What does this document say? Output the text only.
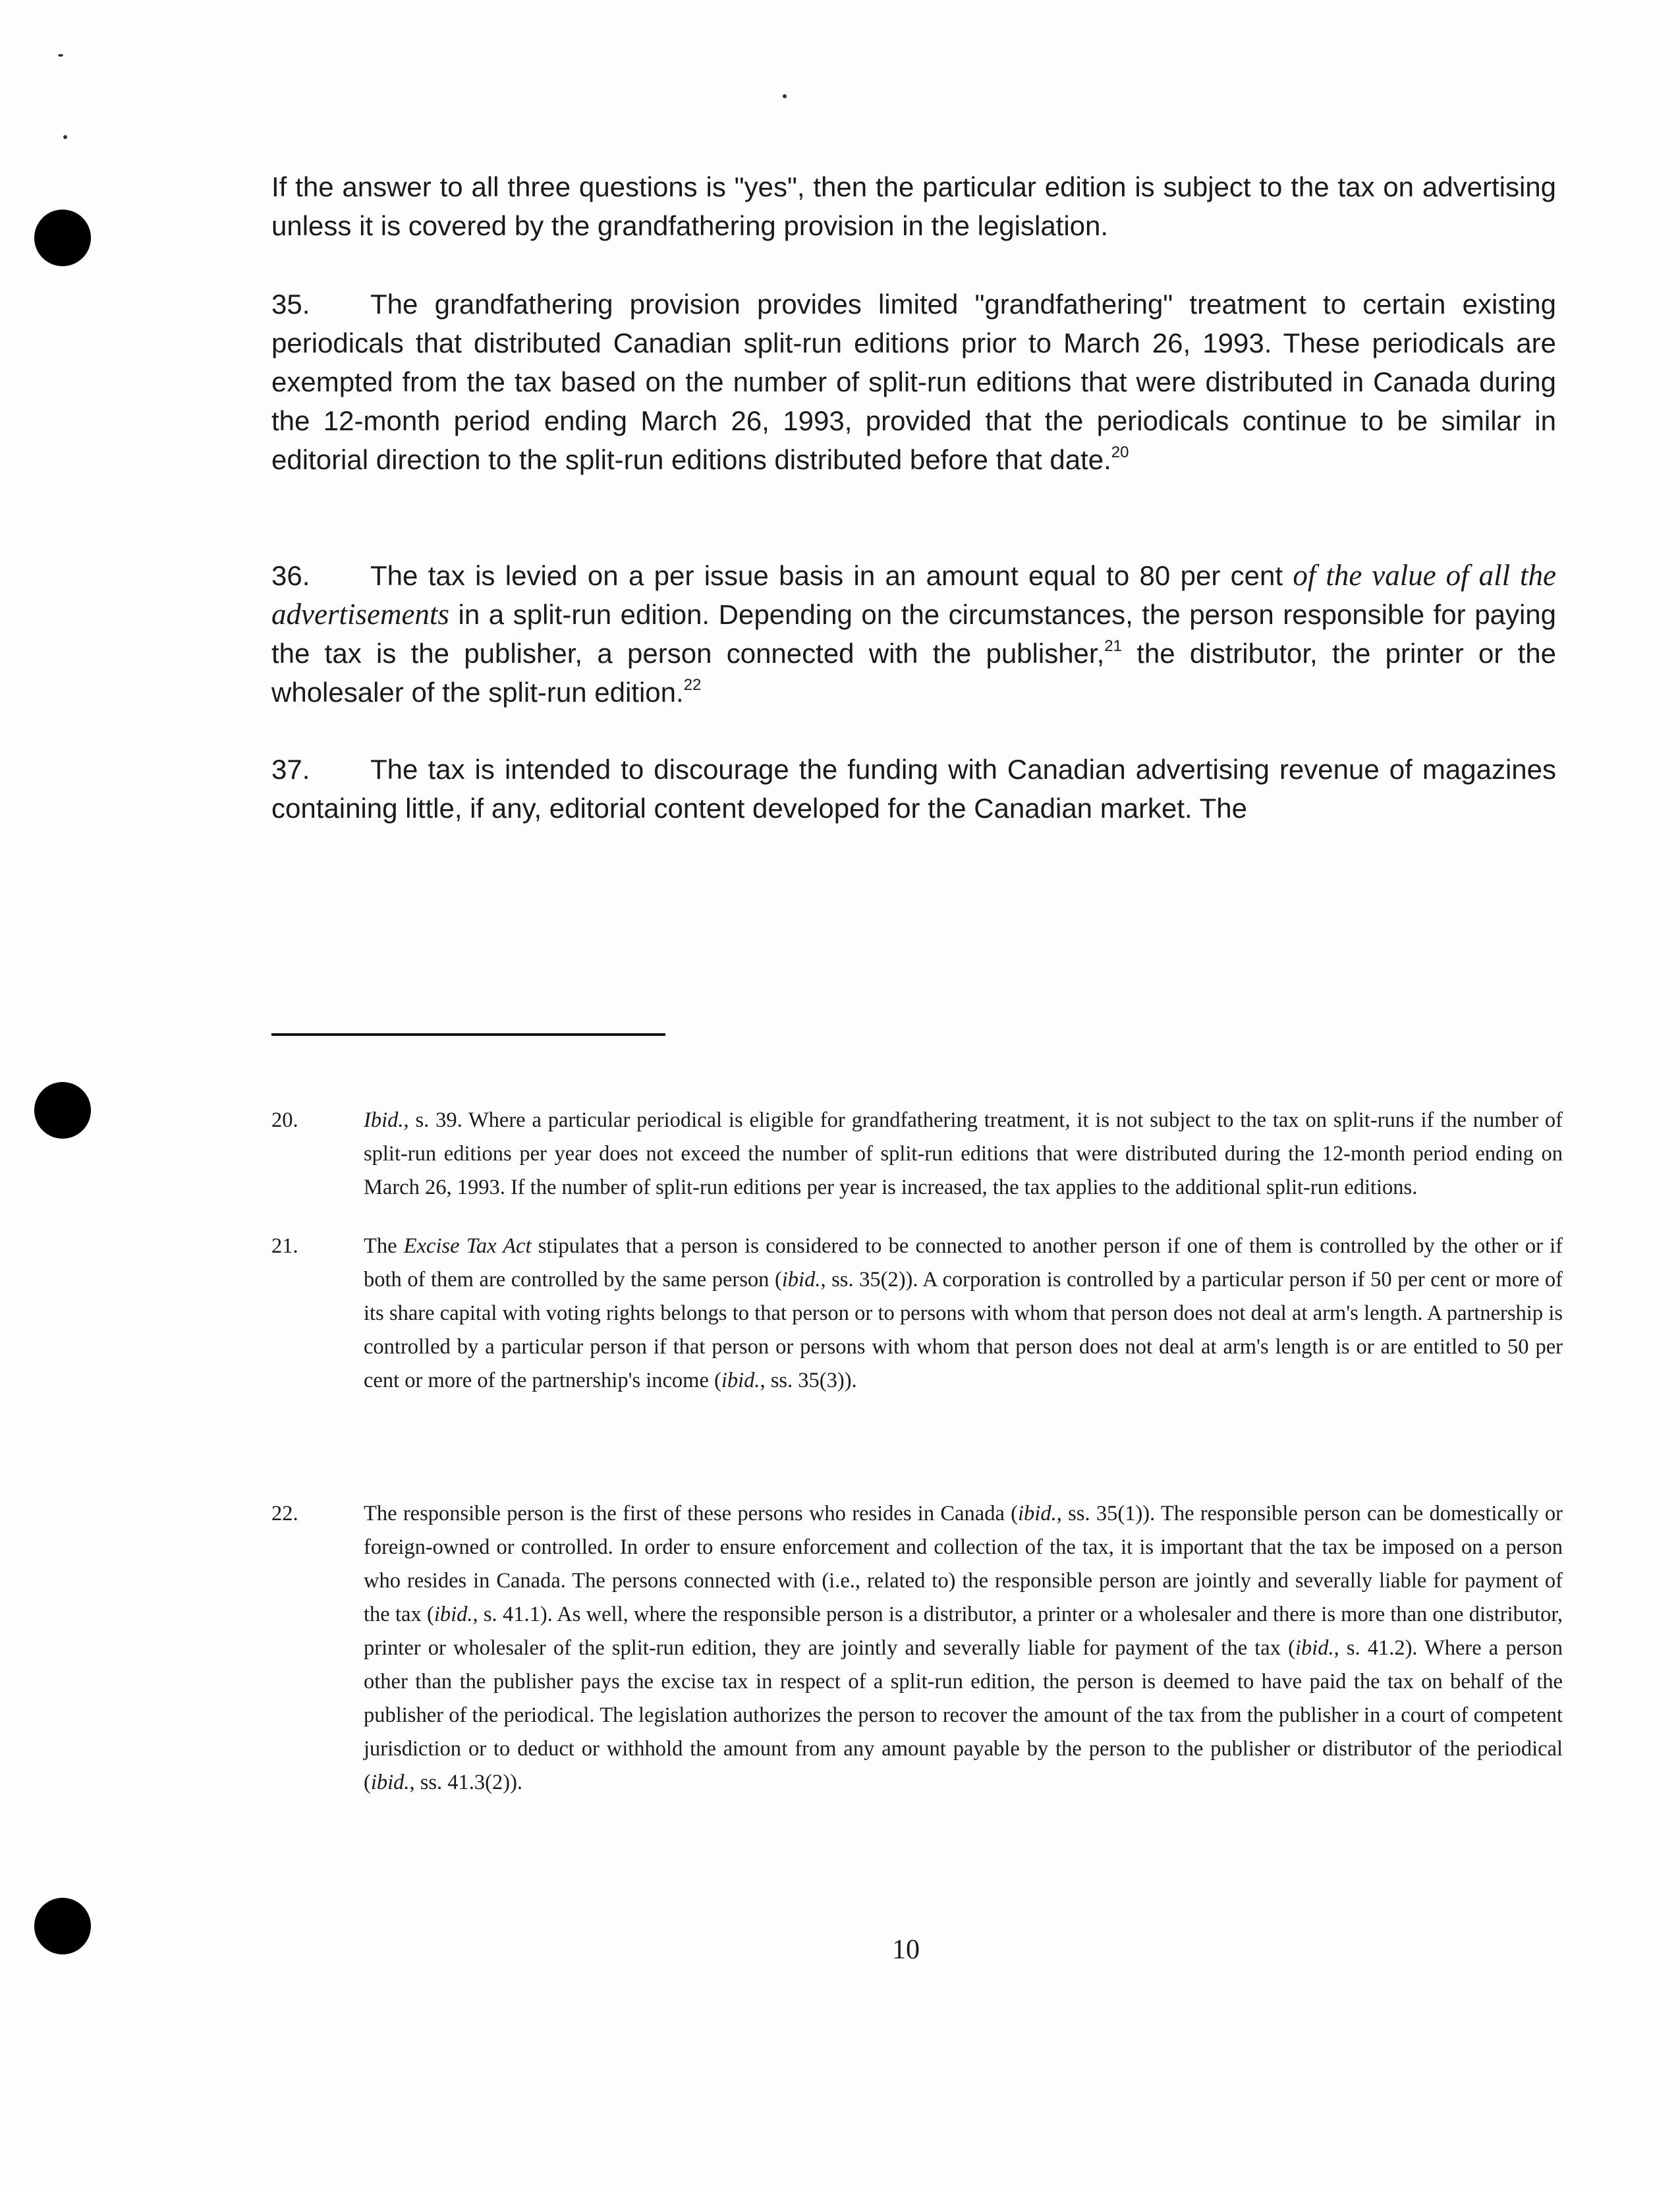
If the answer to all three questions is "yes", then the particular edition is subject to the tax on advertising unless it is covered by the grandfathering provision in the legislation.

35. The grandfathering provision provides limited "grandfathering" treatment to certain existing periodicals that distributed Canadian split-run editions prior to March 26, 1993. These periodicals are exempted from the tax based on the number of split-run editions that were distributed in Canada during the 12-month period ending March 26, 1993, provided that the periodicals continue to be similar in editorial direction to the split-run editions distributed before that date.$^{20}$

36. The tax is levied on a per issue basis in an amount equal to 80 per cent of the value of all the advertisements in a split-run edition. Depending on the circumstances, the person responsible for paying the tax is the publisher, a person connected with the publisher,$^{21}$ the distributor, the printer or the wholesaler of the split-run edition.$^{22}$

37. The tax is intended to discourage the funding with Canadian advertising revenue of magazines containing little, if any, editorial content developed for the Canadian market. The

20.	Ibid., s. 39. Where a particular periodical is eligible for grandfathering treatment, it is not subject to the tax on split-runs if the number of split-run editions per year does not exceed the number of split-run editions that were distributed during the 12-month period ending on March 26, 1993. If the number of split-run editions per year is increased, the tax applies to the additional split-run editions.
21.	The Excise Tax Act stipulates that a person is considered to be connected to another person if one of them is controlled by the other or if both of them are controlled by the same person (ibid., ss. 35(2)). A corporation is controlled by a particular person if 50 per cent or more of its share capital with voting rights belongs to that person or to persons with whom that person does not deal at arm's length. A partnership is controlled by a particular person if that person or persons with whom that person does not deal at arm's length is or are entitled to 50 per cent or more of the partnership's income (ibid., ss. 35(3)).
22.	The responsible person is the first of these persons who resides in Canada (ibid., ss. 35(1)). The responsible person can be domestically or foreign-owned or controlled. In order to ensure enforcement and collection of the tax, it is important that the tax be imposed on a person who resides in Canada. The persons connected with (i.e., related to) the responsible person are jointly and severally liable for payment of the tax (ibid., s. 41.1). As well, where the responsible person is a distributor, a printer or a wholesaler and there is more than one distributor, printer or wholesaler of the split-run edition, they are jointly and severally liable for payment of the tax (ibid., s. 41.2). Where a person other than the publisher pays the excise tax in respect of a split-run edition, the person is deemed to have paid the tax on behalf of the publisher of the periodical. The legislation authorizes the person to recover the amount of the tax from the publisher in a court of competent jurisdiction or to deduct or withhold the amount from any amount payable by the person to the publisher or distributor of the periodical (ibid., ss. 41.3(2)).
10
